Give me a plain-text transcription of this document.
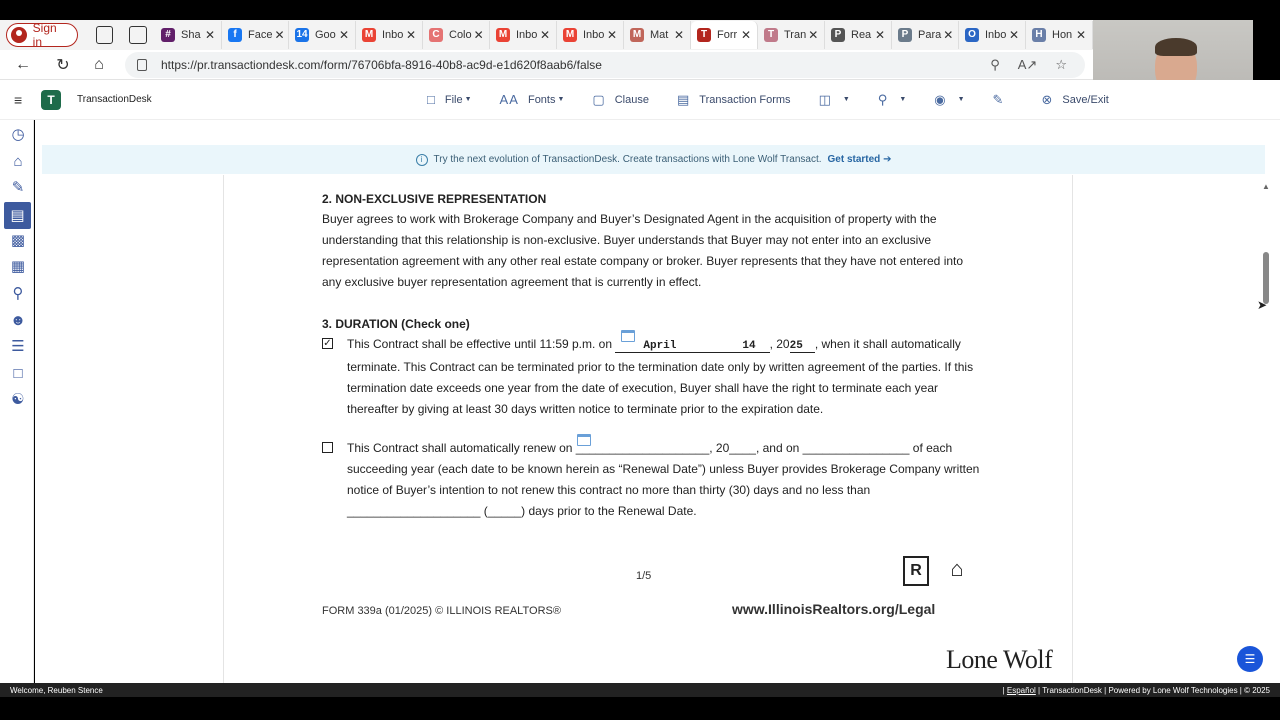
Sign in
# Sha ✕	f	Face ✕ 14 Goo ✕ M Inbo ✕	C Colo ✕ M Inbo ✕ M Inbo ✕ M Mat ✕	T Forr ✕	T Tran ✕	P Rea ✕	P Para ✕	O Inbo ✕	H Hon ✕
← ↻	⌂	https://pr.transactiondesk.com/form/76706bfa-8916-40b8-ac9d-e1d620f8aab6/false	⚲ A↗ ☆
≡	T	TransactionDesk	□ File ▼ A A Fonts ▼ ▢ Clause ▤ Transaction Forms ◫ ▼ ⚲ ▼ ◉ ▼ ✎	⊗ Save/Exit
◷
⌂
✎
▤
▩
▦
⚲
☻
☰
□
☯
i	Try the next evolution of TransactionDesk. Create transactions with Lone Wolf Transact. Get started ➔
2. NON-EXCLUSIVE REPRESENTATION
Buyer agrees to work with Brokerage Company and Buyer’s Designated Agent in the acquisition of property with the understanding that this relationship is non-exclusive. Buyer understands that Buyer may not enter into an exclusive representation agreement with any other real estate company or broker. Buyer represents that they have not entered into any exclusive buyer representation agreement that is currently in effect.
3. DURATION (Check one)
✓ This Contract shall be effective until 11:59 p.m. on	April          14 , 2025 , when it shall automatically terminate. This Contract can be terminated prior to the termination date only by written agreement of the parties. If this termination date exceeds one year from the date of execution, Buyer shall have the right to terminate each year thereafter by giving at least 30 days written notice to terminate prior to the expiration date.
This Contract shall automatically renew on ____________________, 20____, and on ________________ of each succeeding year (each date to be known herein as “Renewal Date”) unless Buyer provides Brokerage Company written notice of Buyer’s intention to not renew this contract no more than thirty (30) days and no less than ____________________ (_____) days prior to the Renewal Date.
1/5	R	⌂
FORM 339a (01/2025) © ILLINOIS REALTORS®	www.IllinoisRealtors.org/Legal
Lone Wolf
▲
➤
☰
Welcome, Reuben Stence	| Español | TransactionDesk | Powered by Lone Wolf Technologies | © 2025
